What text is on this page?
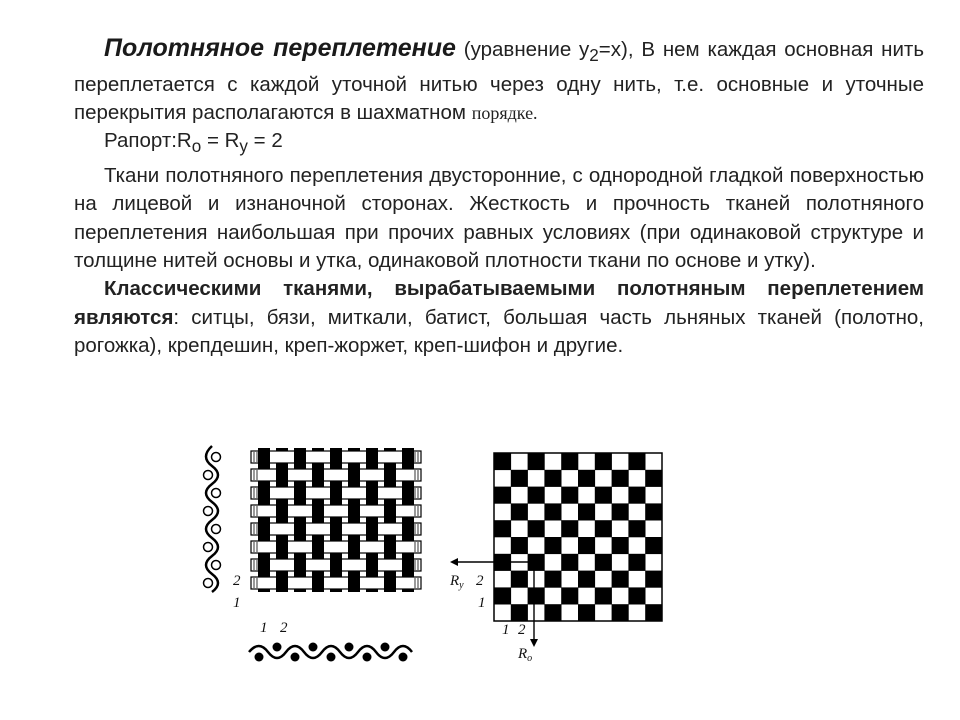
Полотняное переплетение (уравнение $y_2=x$), В нем каждая основная нить переплетается с каждой уточной нитью через одну нить, т.е. основные и уточные перекрытия располагаются в шахматном порядке.

$Рапорт:R_o = R_y = 2$

Ткани полотняного переплетения двусторонние, с однородной гладкой поверхностью на лицевой и изнаночной сторонах. Жесткость и прочность тканей полотняного переплетения наибольшая при прочих равных условиях (при одинаковой структуре и толщине нитей основы и утка, одинаковой плотности ткани по основе и утку).

Классическими тканями, вырабатываемыми полотняным переплетением являются: ситцы, бязи, миткали, батист, большая часть льняных тканей (полотно, рогожка), крепдешин, креп-жоржет, креп-шифон и другие.

2
1
1 2
$R_y$ 2
1
1 2
$R_o$
